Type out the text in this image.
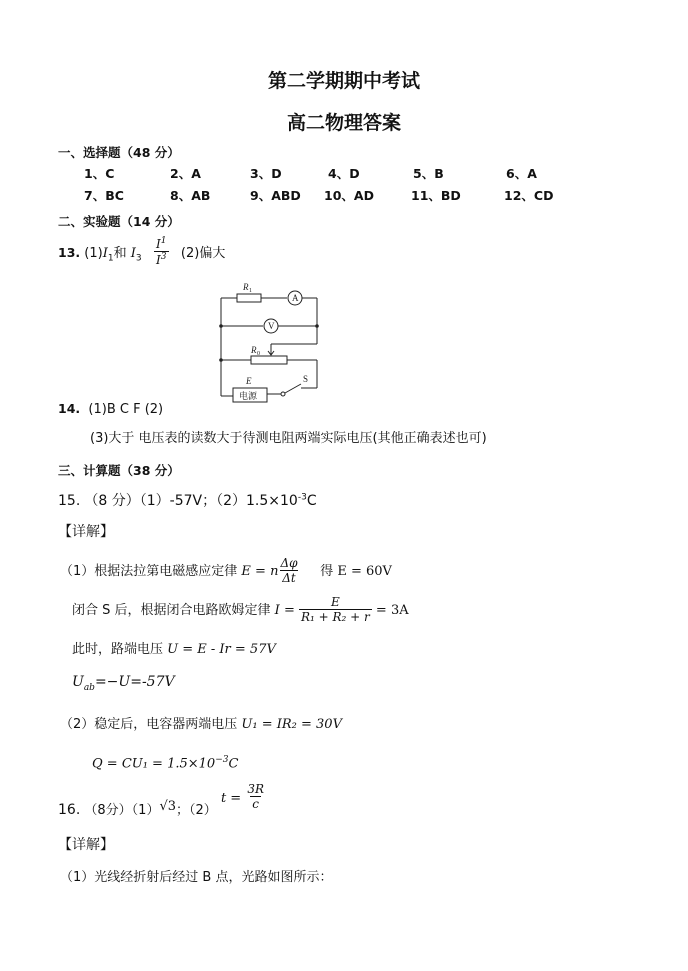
第二学期期中考试
高二物理答案
一、选择题（48 分）
1、C	2、A	3、D	4、D	5、B	6、A
7、BC	8、AB	9、ABD 10、AD	11、BD	12、CD
二、实验题（14 分）
13. $(1)I_1$和 $I_3 \frac{I^1}{I^3} (2)$偏大
R 1
A
V
R 0
E
电源
S
14. (1)B C F (2)
(3)大于 电压表的读数大于待测电阻两端实际电压(其他正确表述也可)
三、计算题（38 分）
15. （8 分）（1）-57V；$(2)1.5\times 10^{-3}C$
【详解】
（1）根据法拉第电磁感应定律 E = n $\frac{\Delta\varphi}{\Delta t}$ 得 E = 60V
闭合 S 后，根据闭合电路欧姆定律 $I = \frac{E}{\text{R₁ + R₂ + r}} = 3A$
此时，路端电压 U = E - Ir = 57V
$U_{ab}=-U=-57V$
（2）稳定后，电容器两端电压 U₁ = IR₂ = 30V
$Q = CU_1 = 1.5\times 10^{-3}C$
16. （8分）（1）√3；（2） $t = \frac{3R}{c}$
【详解】
（1）光线经折射后经过 B 点，光路如图所示：
